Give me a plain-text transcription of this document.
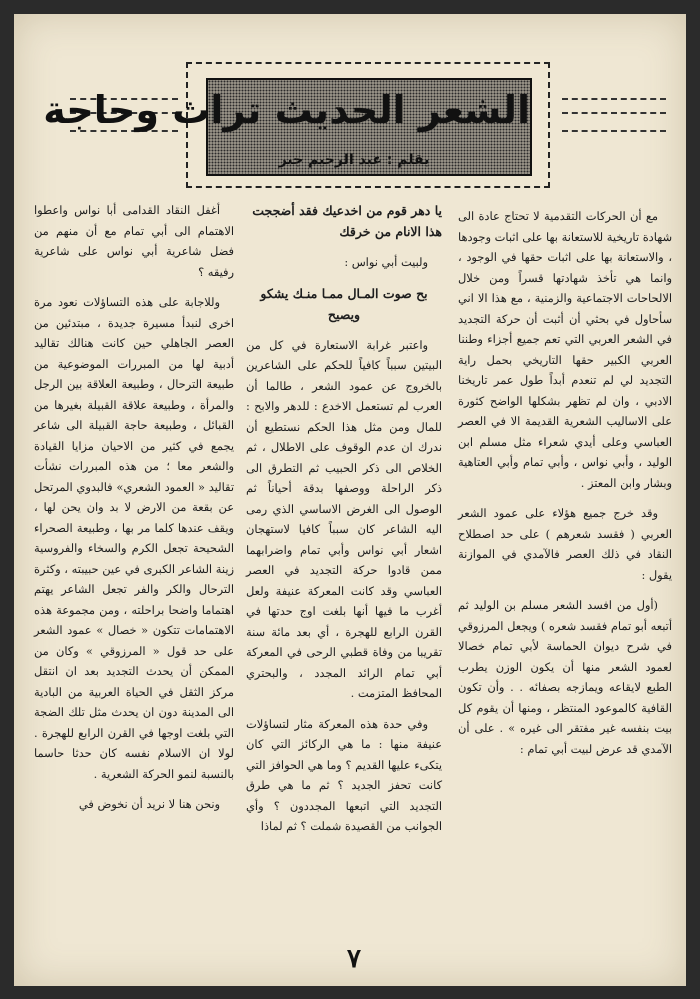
الشعر الحديث تراث وحاجة
بقلم : عبد الرحيم جبر

مع أن الحركات التقدمية لا تحتاج عادة الى شهادة تاريخية للاستعانة بها على اثبات وجودها ، والاستعانة بها على اثبات حقها في الوجود ، وانما هي تأخذ شهادتها قسراً ومن خلال الالحاحات الاجتماعية والزمنية ، مع هذا الا اني سأحاول في بحثي أن أثبت أن حركة التجديد في الشعر العربي التي تعم جميع أجزاء وطننا العربي الكبير حقها التاريخي بحمل راية التجديد لي لم تنعدم أبداً طول عمر تاريخنا الادبي ، وان لم تظهر بشكلها الواضح كثورة على الاساليب الشعرية القديمة الا في العصر العباسي وعلى أيدي شعراء مثل مسلم ابن الوليد ، وأبي نواس ، وأبي تمام وأبي العتاهية وبشار وابن المعتز .

وقد خرج جميع هؤلاء على عمود الشعر العربي ( فقسد شعرهم ) على حد اصطلاح النقاد في ذلك العصر فالآمدي في الموازنة يقول :

(أول من افسد الشعر مسلم بن الوليد ثم أتبعه أبو تمام فقسد شعره ) ويجعل المرزوقي في شرح ديوان الحماسة لأبي تمام خصالا لعمود الشعر منها أن يكون الوزن يطرب الطبع لايقاعه ويمازجه بصفائه . . وأن تكون القافية كالموعود المنتظر ، ومنها أن يقوم كل بيت بنفسه غير مفتقر الى غيره » . على أن الآمدي قد عرض لبيت أبي تمام :

يا دهر قوم من اخدعيك فقد أضججت هذا الانام من خرقك

ولبيت أبي نواس :

بح صوت المـال ممـا منـك يشكو ويصيح

واعتبر غرابة الاستعارة في كل من البيتين سبباً كافياً للحكم على الشاعرين بالخروج عن عمود الشعر ، طالما أن العرب لم تستعمل الاخدع : للدهر والابح : للمال ومن مثل هذا الحكم نستطيع أن ندرك ان عدم الوقوف على الاطلال ، ثم الخلاص الى ذكر الحبيب ثم التطرق الى ذكر الراحلة ووصفها بدقة أحياناً ثم الوصول الى الغرض الاساسي الذي رمى اليه الشاعر كان سبباً كافيا لاستهجان اشعار أبي نواس وأبي تمام واضرابهما ممن قادوا حركة التجديد في العصر العباسي وقد كانت المعركة عنيفة ولعل أغرب ما فيها أنها بلغت اوج حدتها في القرن الرابع للهجرة ، أي بعد مائة سنة تقريبا من وفاة قطبي الرحى في المعركة أبي تمام الرائد المجدد ، والبحتري المحافظ المتزمت .

وفي حدة هذه المعركة مثار لتساؤلات عنيفة منها : ما هي الركائز التي كان يتكىء عليها القديم ؟ وما هي الحوافز التي كانت تحفز الجديد ؟ ثم ما هي طرق التجديد التي اتبعها المجددون ؟ وأي الجوانب من القصيدة شملت ؟ ثم لماذا

أغفل النقاد القدامى أبا نواس واعطوا الاهتمام الى أبي تمام مع أن منهم من فضل شاعرية أبي نواس على شاعرية رفيقه ؟

وللاجابة على هذه التساؤلات نعود مرة اخرى لنبدأ مسيرة جديدة ، مبتدئين من العصر الجاهلي حين كانت هنالك تقاليد أدبية لها من المبررات الموضوعية من طبيعة الترحال ، وطبيعة العلاقة بين الرجل والمرأة ، وطبيعة علاقة القبيلة بغيرها من القبائل ، وطبيعة حاجة القبيلة الى شاعر يجمع في كثير من الاحيان مزايا القيادة والشعر معا ؛ من هذه المبررات نشأت تقاليد « العمود الشعري» فالبدوي المرتحل عن بقعة من الارض لا بد وان يحن لها ، ويقف عندها كلما مر بها ، وطبيعة الصحراء الشحيحة تجعل الكرم والسخاء والفروسية زينة الشاعر الكبرى في عين حبيبته ، وكثرة الترحال والكر والفر تجعل الشاعر يهتم اهتماما واضحا براحلته ، ومن مجموعة هذه الاهتمامات تتكون « خصال » عمود الشعر على حد قول « المرزوقي » وكان من الممكن أن يحدث التجديد بعد ان انتقل مركز الثقل في الحياة العربية من البادية الى المدينة دون ان يحدث مثل تلك الضجة التي بلغت اوجها في القرن الرابع للهجرة . لولا ان الاسلام نفسه كان حدثا حاسما بالنسبة لنمو الحركة الشعرية .

ونحن هنا لا نريد أن نخوض في

٧
